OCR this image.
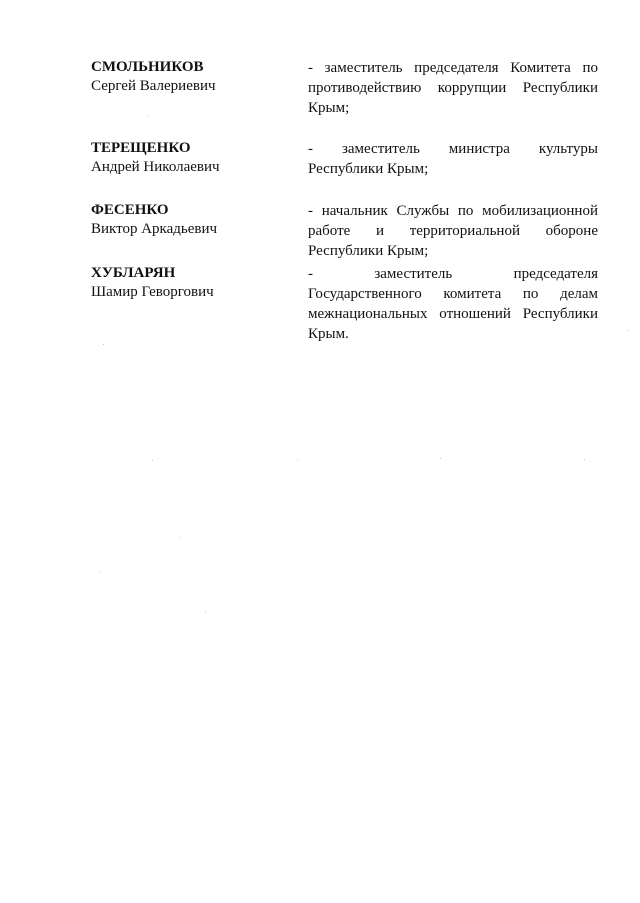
СМОЛЬНИКОВ
Сергей Валериевич
- заместитель председателя Комитета по
противодействию коррупции Республики
Крым;
ТЕРЕЩЕНКО
Андрей Николаевич
- заместитель министра культуры
Республики Крым;
ФЕСЕНКО
Виктор Аркадьевич
- начальник Службы по мобилизационной
работе и территориальной обороне
Республики Крым;
ХУБЛАРЯН
Шамир Геворгович
- заместитель председателя
Государственного комитета по делам
межнациональных отношений Республики
Крым.
